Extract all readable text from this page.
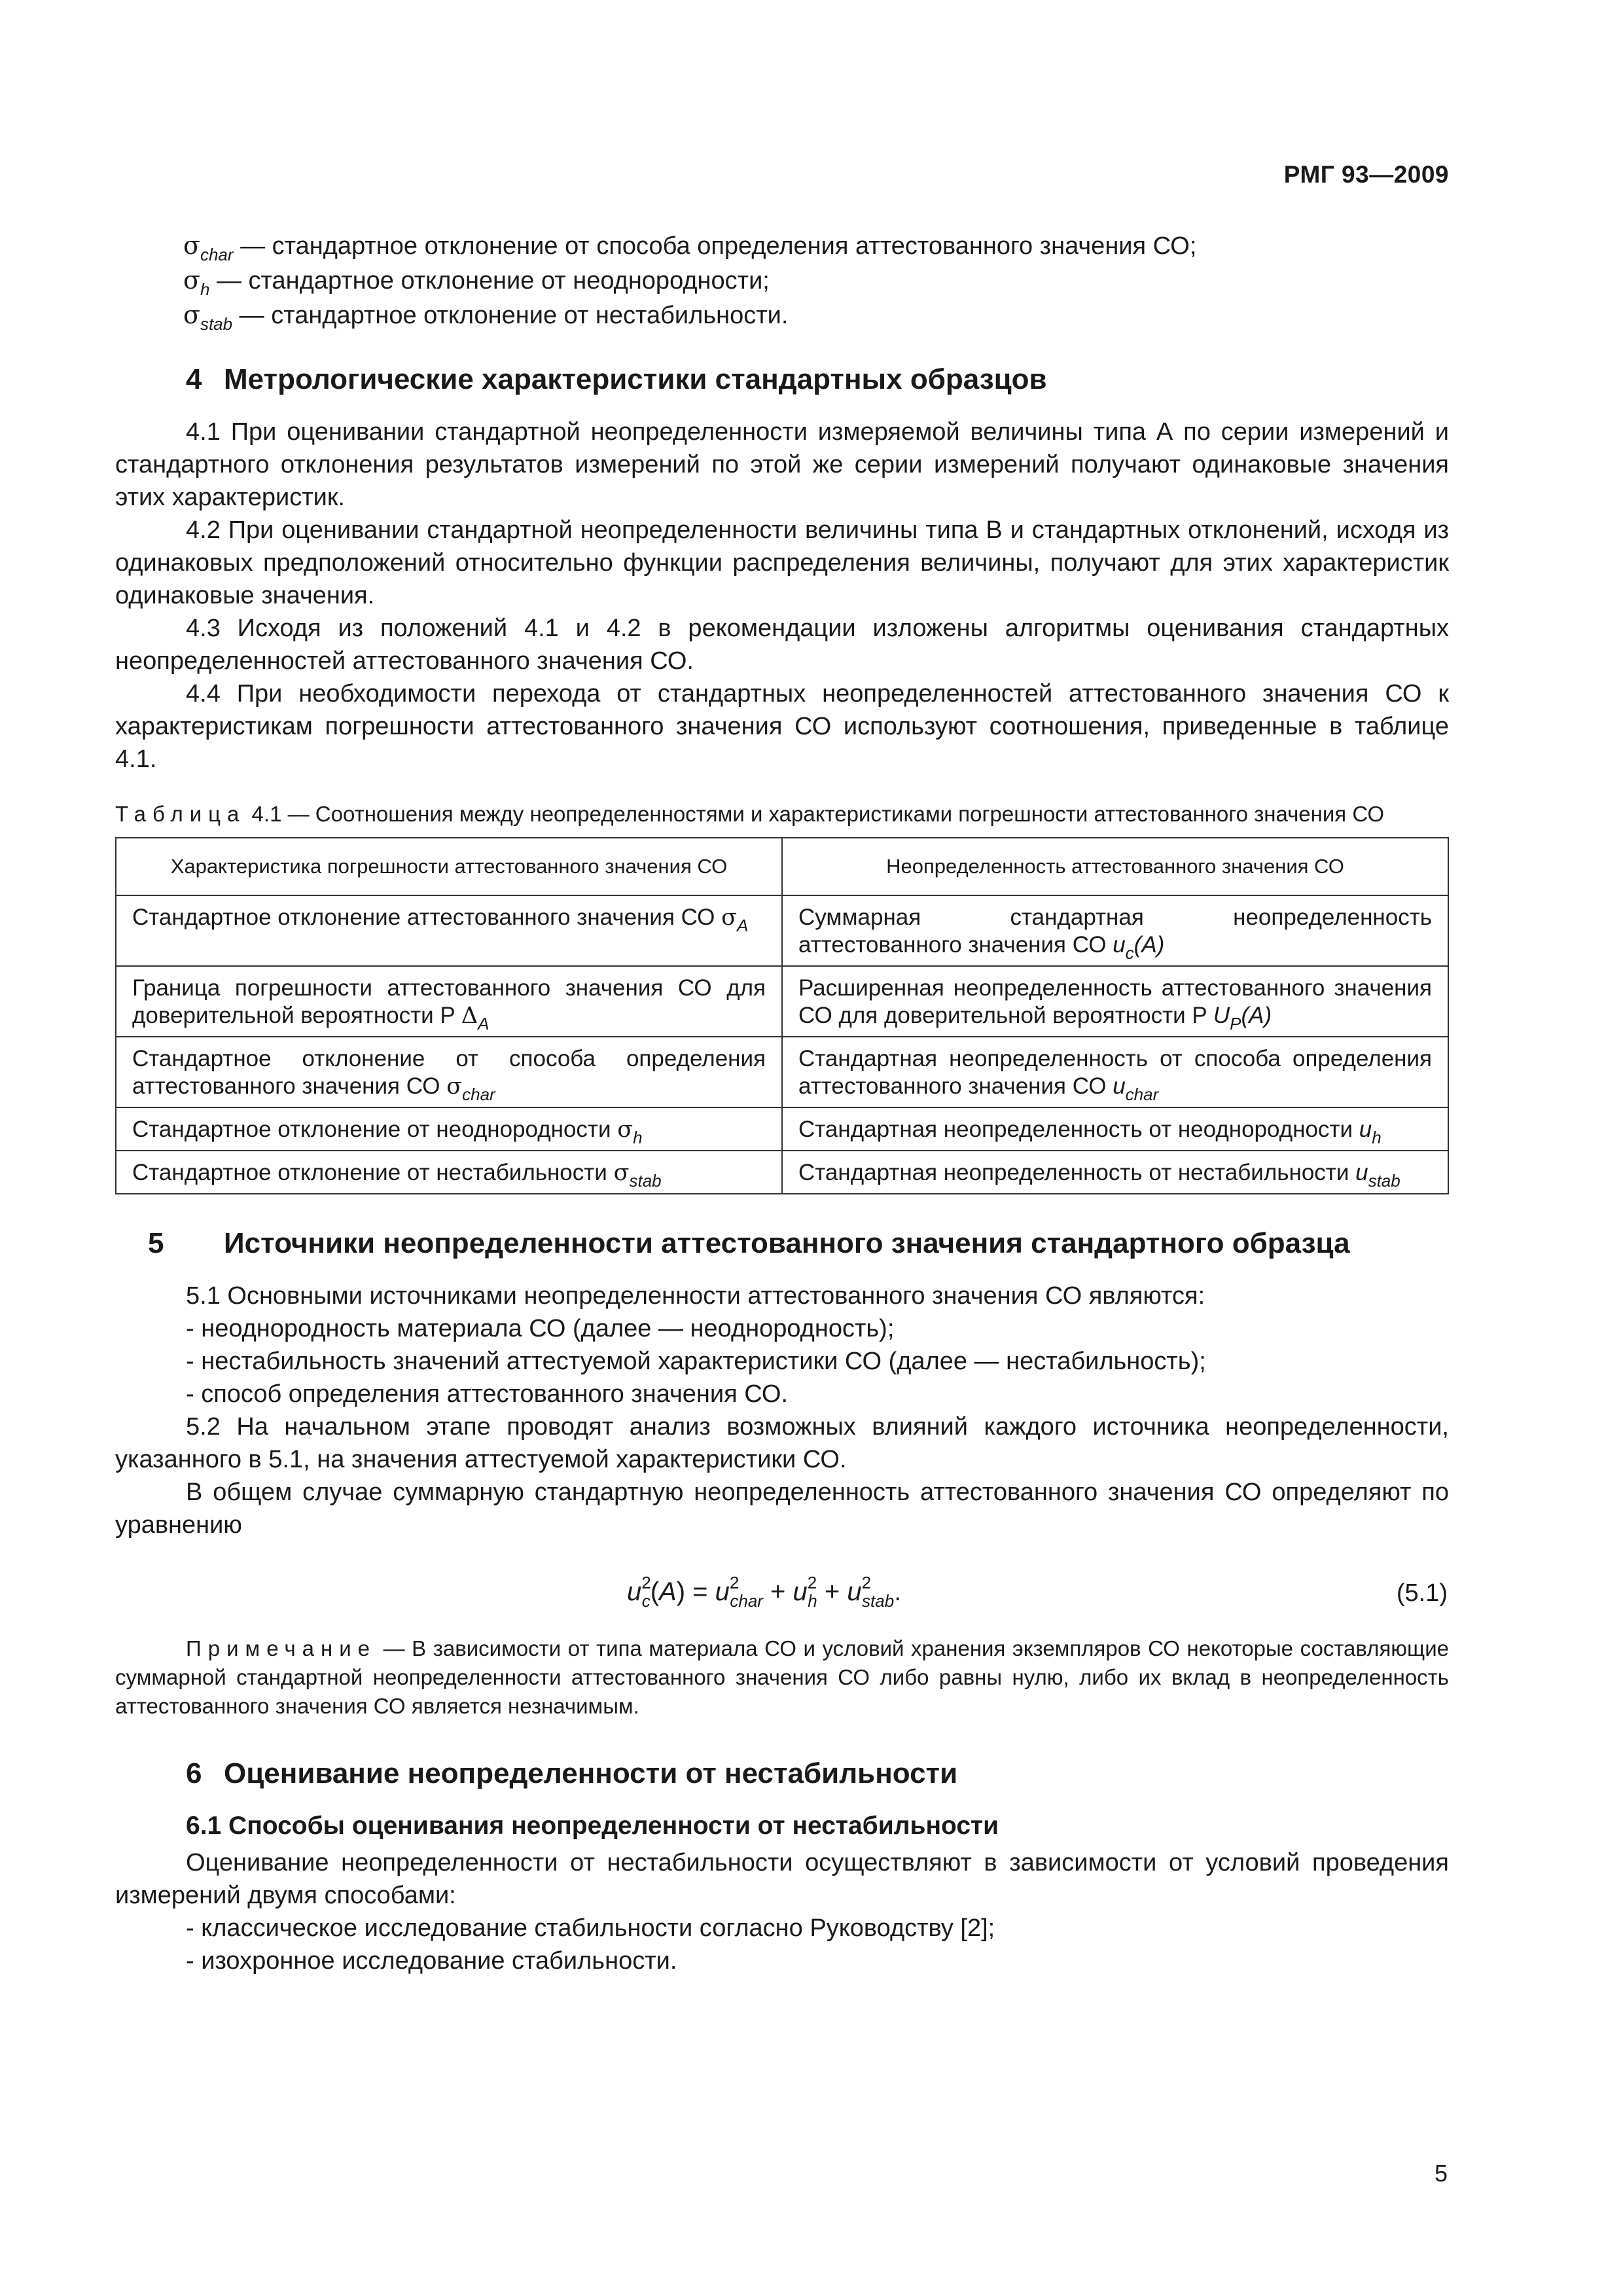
РМГ 93—2009
$\sigma_{char}$ — стандартное отклонение от способа определения аттестованного значения СО;
$\sigma_h$ — стандартное отклонение от неоднородности;
$\sigma_{stab}$ — стандартное отклонение от нестабильности.
4 Метрологические характеристики стандартных образцов

4.1 При оценивании стандартной неопределенности измеряемой величины типа А по серии измерений и стандартного отклонения результатов измерений по этой же серии измерений получают одинаковые значения этих характеристик.

4.2 При оценивании стандартной неопределенности величины типа В и стандартных отклонений, исходя из одинаковых предположений относительно функции распределения величины, получают для этих характеристик одинаковые значения.

4.3 Исходя из положений 4.1 и 4.2 в рекомендации изложены алгоритмы оценивания стандартных неопределенностей аттестованного значения СО.

4.4 При необходимости перехода от стандартных неопределенностей аттестованного значения СО к характеристикам погрешности аттестованного значения СО используют соотношения, приведенные в таблице 4.1.

Таблица 4.1 — Соотношения между неопределенностями и характеристиками погрешности аттестованного значения СО
Характеристика погрешности аттестованного значения СО	Неопределенность аттестованного значения СО
Стандартное отклонение аттестованного значения СО $\sigma_A$	Суммарная стандартная неопределенность аттестованного значения СО $u_c(A)$
Граница погрешности аттестованного значения СО для доверительной вероятности P $\Delta_A$	Расширенная неопределенность аттестованного значения СО для доверительной вероятности P $U_P(A)$
Стандартное отклонение от способа определения аттестованного значения СО $\sigma_{char}$	Стандартная неопределенность от способа определения аттестованного значения СО $u_{char}$
Стандартное отклонение от неоднородности $\sigma_h$	Стандартная неопределенность от неоднородности $u_h$
Стандартное отклонение от нестабильности $\sigma_{stab}$	Стандартная неопределенность от нестабильности $u_{stab}$
5 Источники неопределенности аттестованного значения стандартного образца

5.1 Основными источниками неопределенности аттестованного значения СО являются:

- неоднородность материала СО (далее — неоднородность);

- нестабильность значений аттестуемой характеристики СО (далее — нестабильность);

- способ определения аттестованного значения СО.

5.2 На начальном этапе проводят анализ возможных влияний каждого источника неопределенности, указанного в 5.1, на значения аттестуемой характеристики СО.

В общем случае суммарную стандартную неопределенность аттестованного значения СО определяют по уравнению

$u^2_c(A) = u^2_{char} + u^2_h + u^2_{stab}$.	(5.1)

Примечание — В зависимости от типа материала СО и условий хранения экземпляров СО некоторые составляющие суммарной стандартной неопределенности аттестованного значения СО либо равны нулю, либо их вклад в неопределенность аттестованного значения СО является незначимым.

6 Оценивание неопределенности от нестабильности
6.1 Способы оценивания неопределенности от нестабильности

Оценивание неопределенности от нестабильности осуществляют в зависимости от условий проведения измерений двумя способами:

- классическое исследование стабильности согласно Руководству [2];

- изохронное исследование стабильности.

5
